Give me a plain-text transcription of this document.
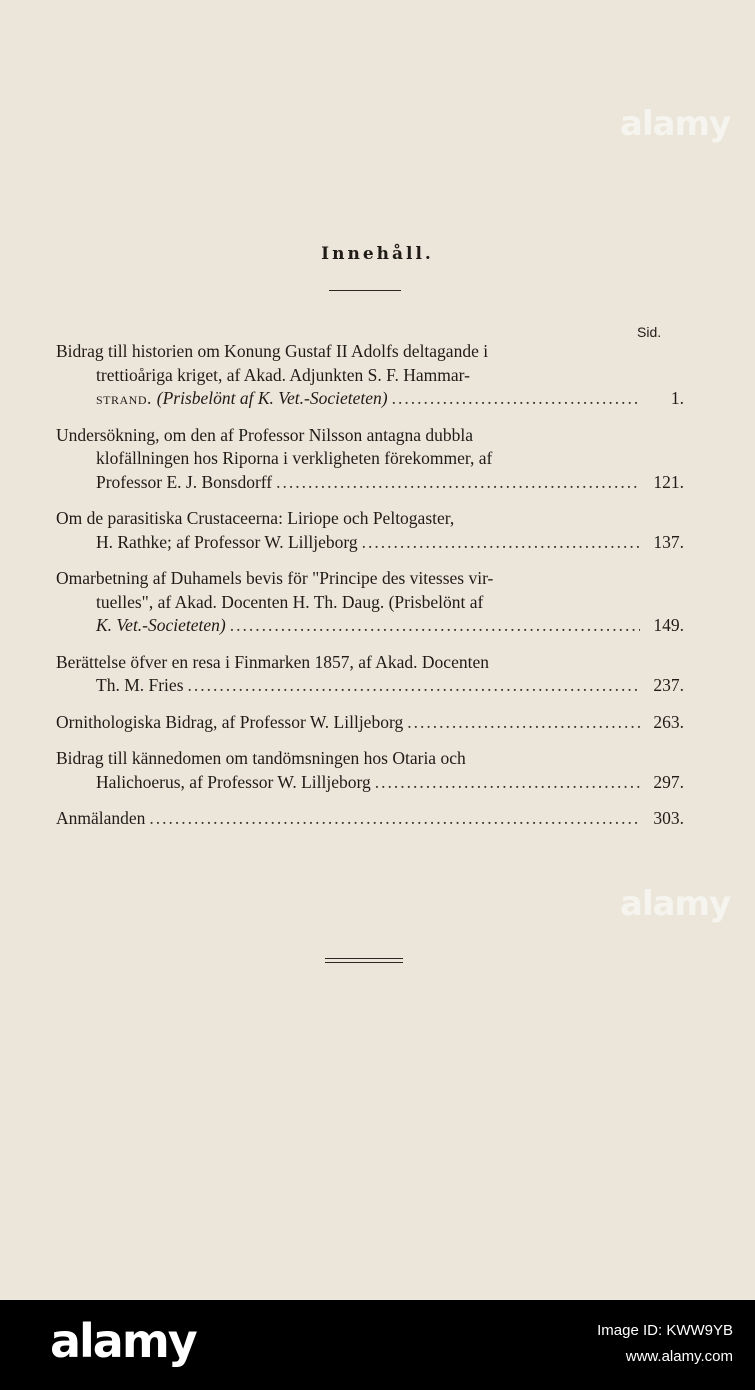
Innehåll.
Sid.
Bidrag till historien om Konung Gustaf II Adolfs deltagande i
trettioåriga kriget, af Akad. Adjunkten S. F. Hammar-
strand. (Prisbelönt af K. Vet.-Societeten) .....	1.
Undersökning, om den af Professor Nilsson antagna dubbla
klofällningen hos Riporna i verkligheten förekommer, af
Professor E. J. Bonsdorff .....	121.
Om de parasitiska Crustaceerna: Liriope och Peltogaster,
H. Rathke; af Professor W. Lilljeborg .....	137.
Omarbetning af Duhamels bevis för "Principe des vitesses vir-
tuelles", af Akad. Docenten H. Th. Daug. (Prisbelönt af
K. Vet.-Societeten) .....	149.
Berättelse öfver en resa i Finmarken 1857, af Akad. Docenten
Th. M. Fries .....	237.
Ornithologiska Bidrag, af Professor W. Lilljeborg .....	263.
Bidrag till kännedomen om tandömsningen hos Otaria och
Halichoerus, af Professor W. Lilljeborg .....	297.
Anmälanden .....	303.
alamy
alamy
alamy	Image ID: KWW9YB
www.alamy.com
